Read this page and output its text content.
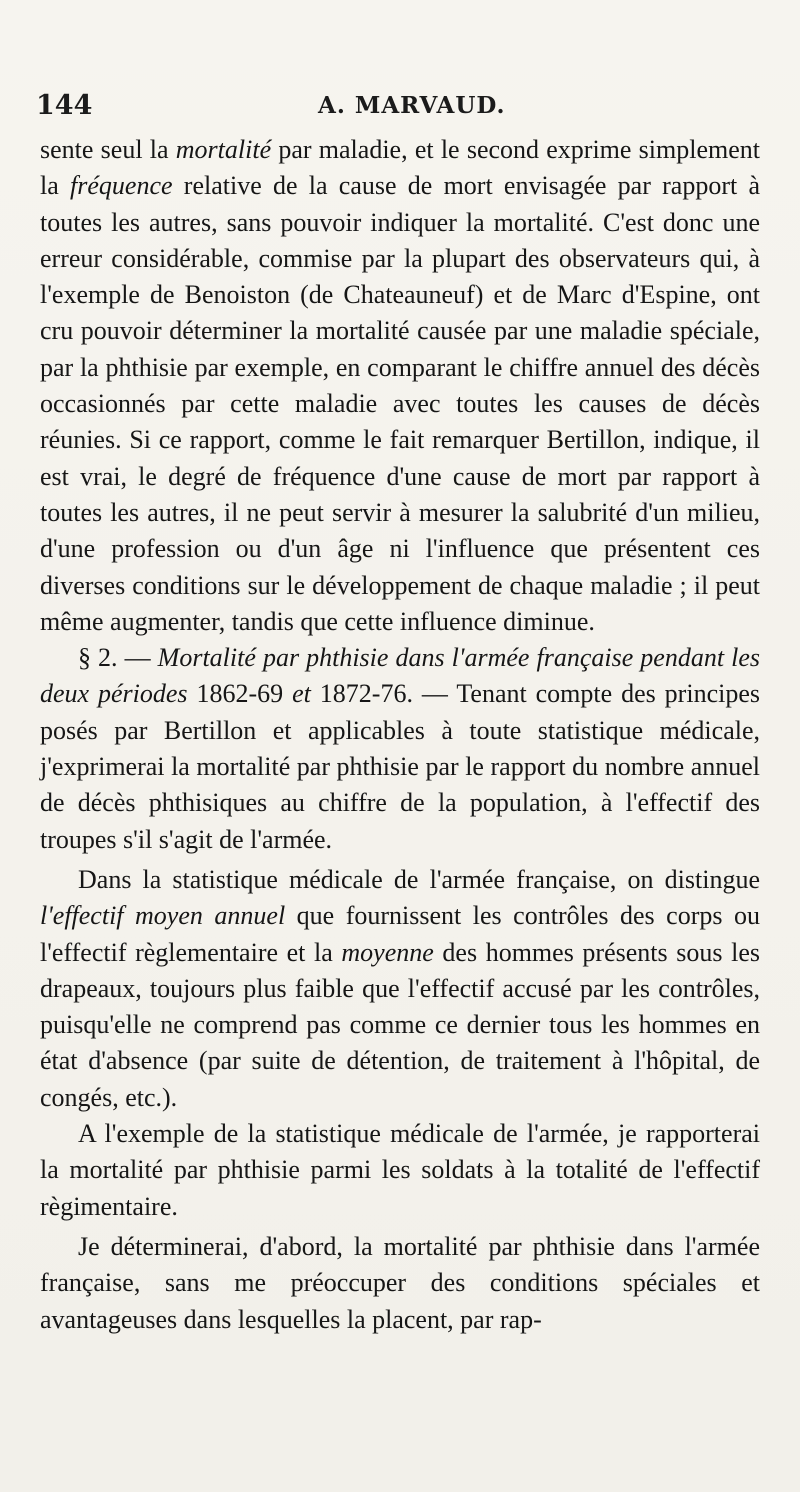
144	A. MARVAUD.

sente seul la mortalité par maladie, et le second exprime simplement la fréquence relative de la cause de mort envisagée par rapport à toutes les autres, sans pouvoir indiquer la mortalité. C'est donc une erreur considérable, commise par la plupart des observateurs qui, à l'exemple de Benoiston (de Chateauneuf) et de Marc d'Espine, ont cru pouvoir déterminer la mortalité causée par une maladie spéciale, par la phthisie par exemple, en comparant le chiffre annuel des décès occasionnés par cette maladie avec toutes les causes de décès réunies. Si ce rapport, comme le fait remarquer Bertillon, indique, il est vrai, le degré de fréquence d'une cause de mort par rapport à toutes les autres, il ne peut servir à mesurer la salubrité d'un milieu, d'une profession ou d'un âge ni l'influence que présentent ces diverses conditions sur le développement de chaque maladie ; il peut même augmenter, tandis que cette influence diminue.

§ 2. — Mortalité par phthisie dans l'armée française pendant les deux périodes 1862-69 et 1872-76. — Tenant compte des principes posés par Bertillon et applicables à toute statistique médicale, j'exprimerai la mortalité par phthisie par le rapport du nombre annuel de décès phthisiques au chiffre de la population, à l'effectif des troupes s'il s'agit de l'armée.

Dans la statistique médicale de l'armée française, on distingue l'effectif moyen annuel que fournissent les contrôles des corps ou l'effectif règlementaire et la moyenne des hommes présents sous les drapeaux, toujours plus faible que l'effectif accusé par les contrôles, puisqu'elle ne comprend pas comme ce dernier tous les hommes en état d'absence (par suite de détention, de traitement à l'hôpital, de congés, etc.).

A l'exemple de la statistique médicale de l'armée, je rapporterai la mortalité par phthisie parmi les soldats à la totalité de l'effectif règimentaire.

Je déterminerai, d'abord, la mortalité par phthisie dans l'armée française, sans me préoccuper des conditions spéciales et avantageuses dans lesquelles la placent, par rap-
